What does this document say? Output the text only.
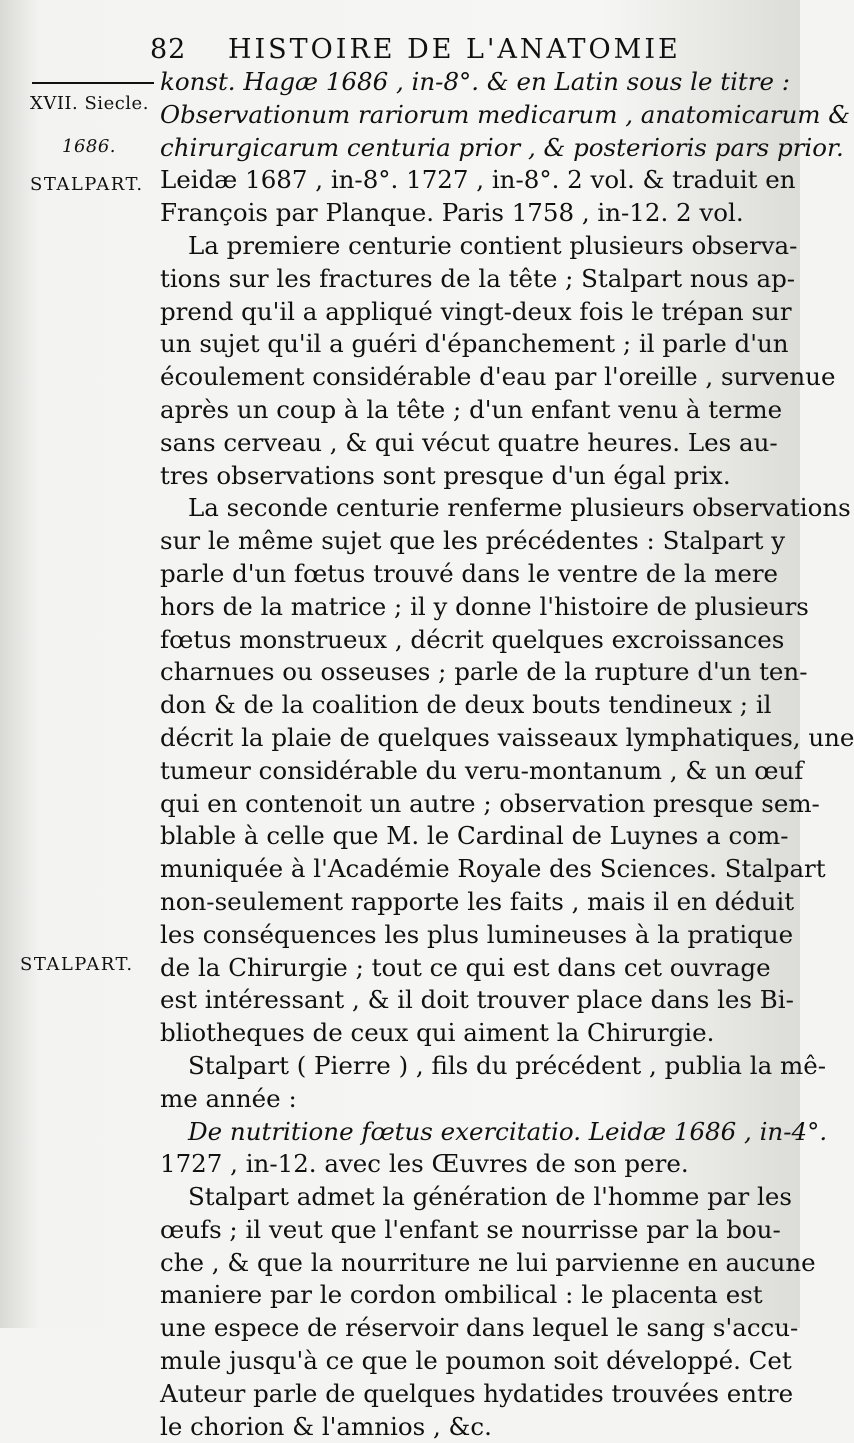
82 HISTOIRE DE L'ANATOMIE
XVII. Siecle.
1686.
STALPART.
STALPART.
konst. Hagæ 1686 , in-8°. & en Latin sous le titre :
Observationum rariorum medicarum , anatomicarum &
chirurgicarum centuria prior , & posterioris pars prior.
Leidæ 1687 , in-8°. 1727 , in-8°. 2 vol. & traduit en
François par Planque. Paris 1758 , in-12. 2 vol.
La premiere centurie contient plusieurs observa-
tions sur les fractures de la tête ; Stalpart nous ap-
prend qu'il a appliqué vingt-deux fois le trépan sur
un sujet qu'il a guéri d'épanchement ; il parle d'un
écoulement considérable d'eau par l'oreille , survenue
après un coup à la tête ; d'un enfant venu à terme
sans cerveau , & qui vécut quatre heures. Les au-
tres observations sont presque d'un égal prix.
La seconde centurie renferme plusieurs observations
sur le même sujet que les précédentes : Stalpart y
parle d'un fœtus trouvé dans le ventre de la mere
hors de la matrice ; il y donne l'histoire de plusieurs
fœtus monstrueux , décrit quelques excroissances
charnues ou osseuses ; parle de la rupture d'un ten-
don & de la coalition de deux bouts tendineux ; il
décrit la plaie de quelques vaisseaux lymphatiques, une
tumeur considérable du veru-montanum , & un œuf
qui en contenoit un autre ; observation presque sem-
blable à celle que M. le Cardinal de Luynes a com-
muniquée à l'Académie Royale des Sciences. Stalpart
non-seulement rapporte les faits , mais il en déduit
les conséquences les plus lumineuses à la pratique
de la Chirurgie ; tout ce qui est dans cet ouvrage
est intéressant , & il doit trouver place dans les Bi-
bliotheques de ceux qui aiment la Chirurgie.
Stalpart ( Pierre ) , fils du précédent , publia la mê-
me année :
De nutritione fœtus exercitatio. Leidæ 1686 , in-4°.
1727 , in-12. avec les Œuvres de son pere.
Stalpart admet la génération de l'homme par les
œufs ; il veut que l'enfant se nourrisse par la bou-
che , & que la nourriture ne lui parvienne en aucune
maniere par le cordon ombilical : le placenta est
une espece de réservoir dans lequel le sang s'accu-
mule jusqu'à ce que le poumon soit développé. Cet
Auteur parle de quelques hydatides trouvées entre
le chorion & l'amnios , &c.
